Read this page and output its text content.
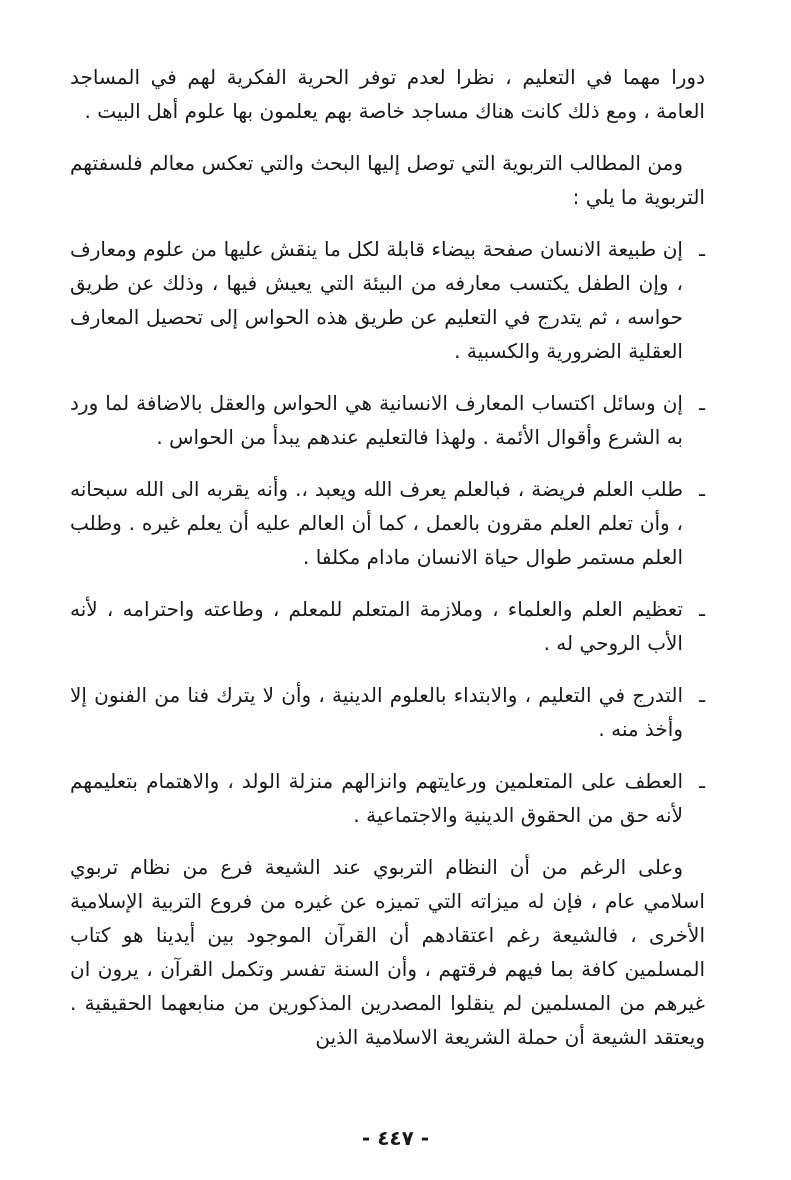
دورا مهما في التعليم ، نظرا لعدم توفر الحرية الفكرية لهم في المساجد العامة ، ومع ذلك كانت هناك مساجد خاصة بهم يعلمون بها علوم أهل البيت .

ومن المطالب التربوية التي توصل إليها البحث والتي تعكس معالم فلسفتهم التربوية ما يلي :

ـإن طبيعة الانسان صفحة بيضاء قابلة لكل ما ينقش عليها من علوم ومعارف ، وإن الطفل يكتسب معارفه من البيئة التي يعيش فيها ، وذلك عن طريق حواسه ، ثم يتدرج في التعليم عن طريق هذه الحواس إلى تحصيل المعارف العقلية الضرورية والكسبية .

ـإن وسائل اكتساب المعارف الانسانية هي الحواس والعقل بالاضافة لما ورد به الشرع وأقوال الأئمة . ولهذا فالتعليم عندهم يبدأ من الحواس .

ـطلب العلم فريضة ، فبالعلم يعرف الله ويعبد ،. وأنه يقربه الى الله سبحانه ، وأن تعلم العلم مقرون بالعمل ، كما أن العالم عليه أن يعلم غيره . وطلب العلم مستمر طوال حياة الانسان مادام مكلفا .

ـتعظيم العلم والعلماء ، وملازمة المتعلم للمعلم ، وطاعته واحترامه ، لأنه الأب الروحي له .

ـالتدرج في التعليم ، والابتداء بالعلوم الدينية ، وأن لا يترك فنا من الفنون إلا وأخذ منه .

ـالعطف على المتعلمين ورعايتهم وانزالهم منزلة الولد ، والاهتمام بتعليمهم لأنه حق من الحقوق الدينية والاجتماعية .

وعلى الرغم من أن النظام التربوي عند الشيعة فرع من نظام تربوي اسلامي عام ، فإن له ميزاته التي تميزه عن غيره من فروع التربية الإسلامية الأخرى ، فالشيعة رغم اعتقادهم أن القرآن الموجود بين أيدينا هو كتاب المسلمين كافة بما فيهم فرقتهم ، وأن السنة تفسر وتكمل القرآن ، يرون ان غيرهم من المسلمين لم ينقلوا المصدرين المذكورين من منابعهما الحقيقية . ويعتقد الشيعة أن حملة الشريعة الاسلامية الذين

- ٤٤٧ -
